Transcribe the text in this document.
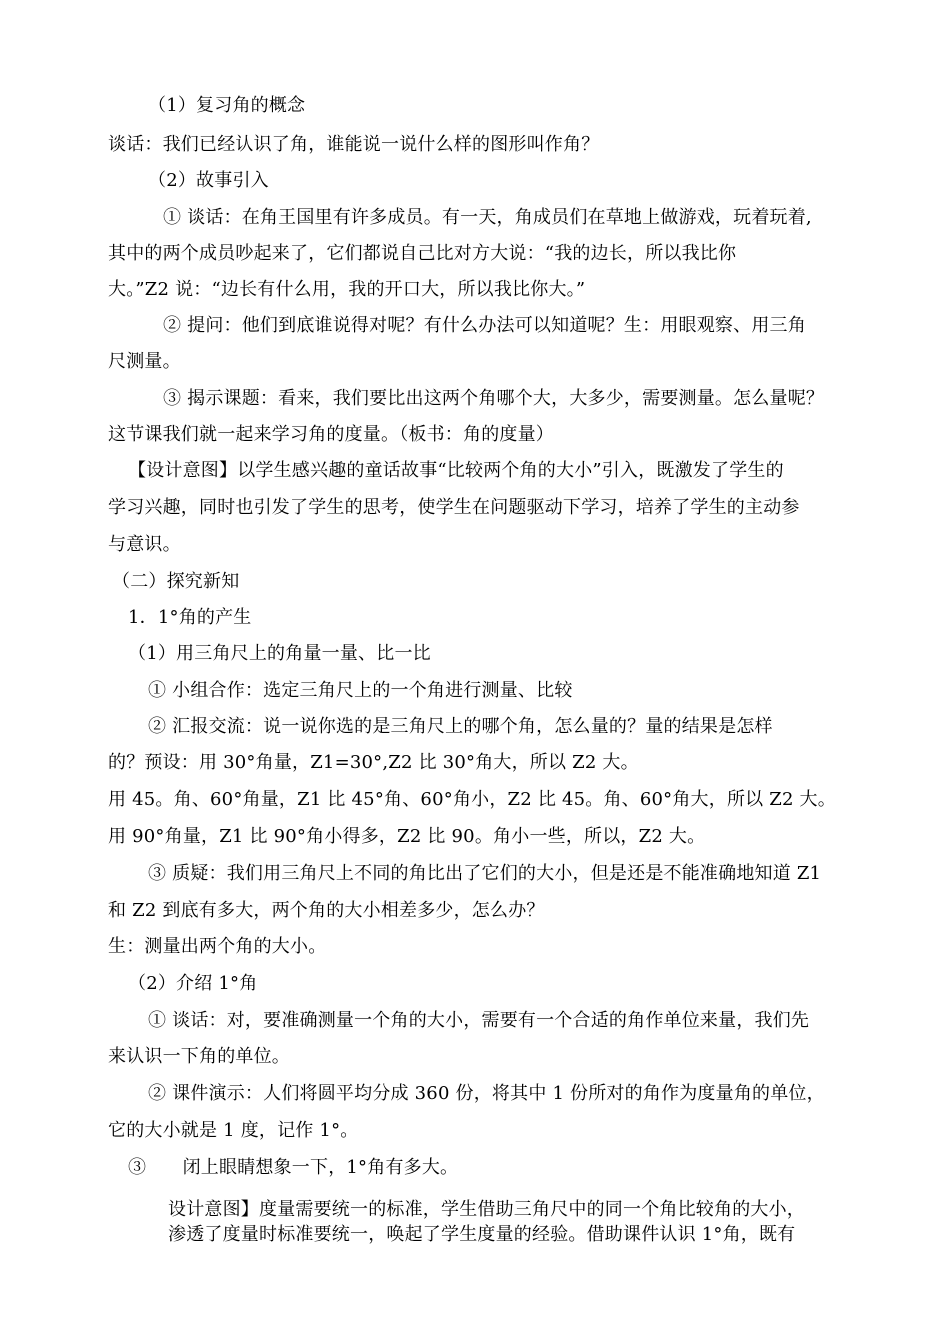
（1）复习角的概念
谈话：我们已经认识了角，谁能说一说什么样的图形叫作角？
（2）故事引入
① 谈话：在角王国里有许多成员。有一天，角成员们在草地上做游戏，玩着玩着,
其中的两个成员吵起来了，它们都说自己比对方大说：“我的边长，所以我比你
大。”Z2 说：“边长有什么用，我的开口大，所以我比你大。”
② 提问：他们到底谁说得对呢？有什么办法可以知道呢？生：用眼观察、用三角
尺测量。
③ 揭示课题：看来，我们要比出这两个角哪个大，大多少，需要测量。怎么量呢？
这节课我们就一起来学习角的度量。（板书：角的度量）
【设计意图】以学生感兴趣的童话故事“比较两个角的大小”引入，既激发了学生的
学习兴趣，同时也引发了学生的思考，使学生在问题驱动下学习，培养了学生的主动参
与意识。
（二）探究新知
1．1°角的产生
（1）用三角尺上的角量一量、比一比
① 小组合作：选定三角尺上的一个角进行测量、比较
② 汇报交流：说一说你选的是三角尺上的哪个角，怎么量的？量的结果是怎样
的？预设：用 30°角量，Z1=30°,Z2 比 30°角大，所以 Z2 大。
用 45。角、60°角量，Z1 比 45°角、60°角小，Z2 比 45。角、60°角大，所以 Z2 大。
用 90°角量，Z1 比 90°角小得多，Z2 比 90。角小一些，所以，Z2 大。
③ 质疑：我们用三角尺上不同的角比出了它们的大小，但是还是不能准确地知道 Z1
和 Z2 到底有多大，两个角的大小相差多少，怎么办？
生：测量出两个角的大小。
（2）介绍 1°角
① 谈话：对，要准确测量一个角的大小，需要有一个合适的角作单位来量，我们先
来认识一下角的单位。
② 课件演示：人们将圆平均分成 360 份，将其中 1 份所对的角作为度量角的单位，
它的大小就是 1 度，记作 1°。
③　　闭上眼睛想象一下，1°角有多大。
设计意图】度量需要统一的标准，学生借助三角尺中的同一个角比较角的大小，
渗透了度量时标准要统一，唤起了学生度量的经验。借助课件认识 1°角，既有
